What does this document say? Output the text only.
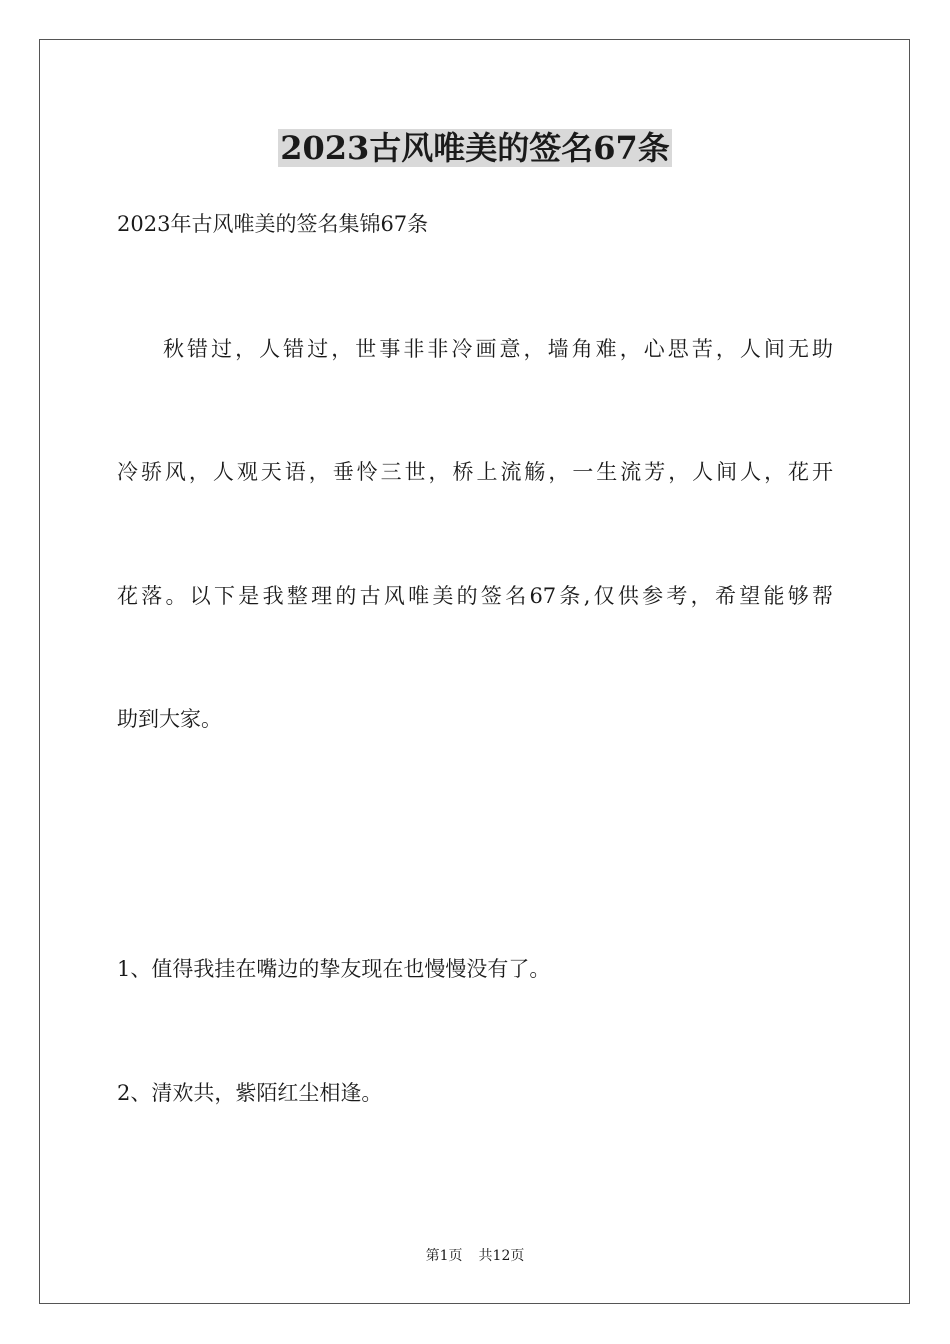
2023古风唯美的签名67条
2023年古风唯美的签名集锦67条
秋错过，人错过，世事非非冷画意，墙角难，心思苦，人间无助
冷骄风，人观天语，垂怜三世，桥上流觞，一生流芳，人间人，花开
花落。以下是我整理的古风唯美的签名67条,仅供参考，希望能够帮
助到大家。
1、值得我挂在嘴边的挚友现在也慢慢没有了。
2、清欢共，紫陌红尘相逢。
第1页 共12页
